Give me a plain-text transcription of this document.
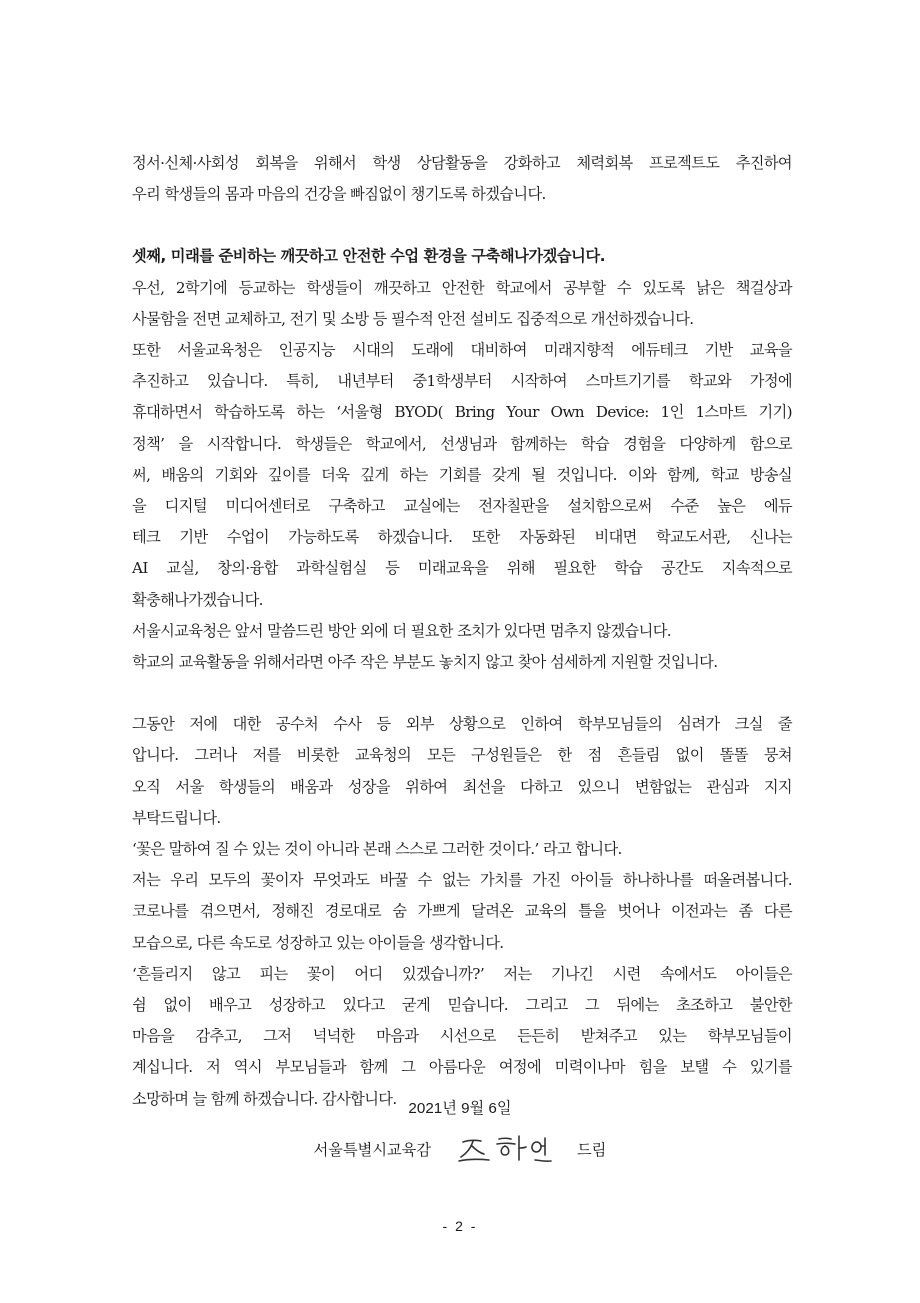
정서·신체·사회성 회복을 위해서 학생 상담활동을 강화하고 체력회복 프로젝트도 추진하여

우리 학생들의 몸과 마음의 건강을 빠짐없이 챙기도록 하겠습니다.

셋째, 미래를 준비하는 깨끗하고 안전한 수업 환경을 구축해나가겠습니다.

우선, 2학기에 등교하는 학생들이 깨끗하고 안전한 학교에서 공부할 수 있도록 낡은 책걸상과

사물함을 전면 교체하고, 전기 및 소방 등 필수적 안전 설비도 집중적으로 개선하겠습니다.

또한 서울교육청은 인공지능 시대의 도래에 대비하여 미래지향적 에듀테크 기반 교육을

추진하고 있습니다. 특히, 내년부터 중1학생부터 시작하여 스마트기기를 학교와 가정에

휴대하면서 학습하도록 하는 ‘서울형 BYOD( Bring Your Own Device: 1인 1스마트 기기)

정책’ 을 시작합니다. 학생들은 학교에서, 선생님과 함께하는 학습 경험을 다양하게 함으로

써, 배움의 기회와 깊이를 더욱 깊게 하는 기회를 갖게 될 것입니다. 이와 함께, 학교 방송실

을 디지털 미디어센터로 구축하고 교실에는 전자칠판을 설치함으로써 수준 높은 에듀

테크 기반 수업이 가능하도록 하겠습니다. 또한 자동화된 비대면 학교도서관, 신나는

AI 교실, 창의·융합 과학실험실 등 미래교육을 위해 필요한 학습 공간도 지속적으로

확충해나가겠습니다.

서울시교육청은 앞서 말씀드린 방안 외에 더 필요한 조치가 있다면 멈추지 않겠습니다.

학교의 교육활동을 위해서라면 아주 작은 부분도 놓치지 않고 찾아 섬세하게 지원할 것입니다.

그동안 저에 대한 공수처 수사 등 외부 상황으로 인하여 학부모님들의 심려가 크실 줄

압니다. 그러나 저를 비롯한 교육청의 모든 구성원들은 한 점 흔들림 없이 똘똘 뭉쳐

오직 서울 학생들의 배움과 성장을 위하여 최선을 다하고 있으니 변함없는 관심과 지지

부탁드립니다.

‘꽃은 말하여 질 수 있는 것이 아니라 본래 스스로 그러한 것이다.’ 라고 합니다.

저는 우리 모두의 꽃이자 무엇과도 바꿀 수 없는 가치를 가진 아이들 하나하나를 떠올려봅니다.

코로나를 겪으면서, 정해진 경로대로 숨 가쁘게 달려온 교육의 틀을 벗어나 이전과는 좀 다른

모습으로, 다른 속도로 성장하고 있는 아이들을 생각합니다.

‘흔들리지 않고 피는 꽃이 어디 있겠습니까?’ 저는 기나긴 시련 속에서도 아이들은

쉼 없이 배우고 성장하고 있다고 굳게 믿습니다. 그리고 그 뒤에는 초조하고 불안한

마음을 감추고, 그저 넉넉한 마음과 시선으로 든든히 받쳐주고 있는 학부모님들이

계십니다. 저 역시 부모님들과 함께 그 아름다운 여정에 미력이나마 힘을 보탤 수 있기를

소망하며 늘 함께 하겠습니다. 감사합니다.

2021년 9월 6일
서울특별시교육감	드림
- 2 -
